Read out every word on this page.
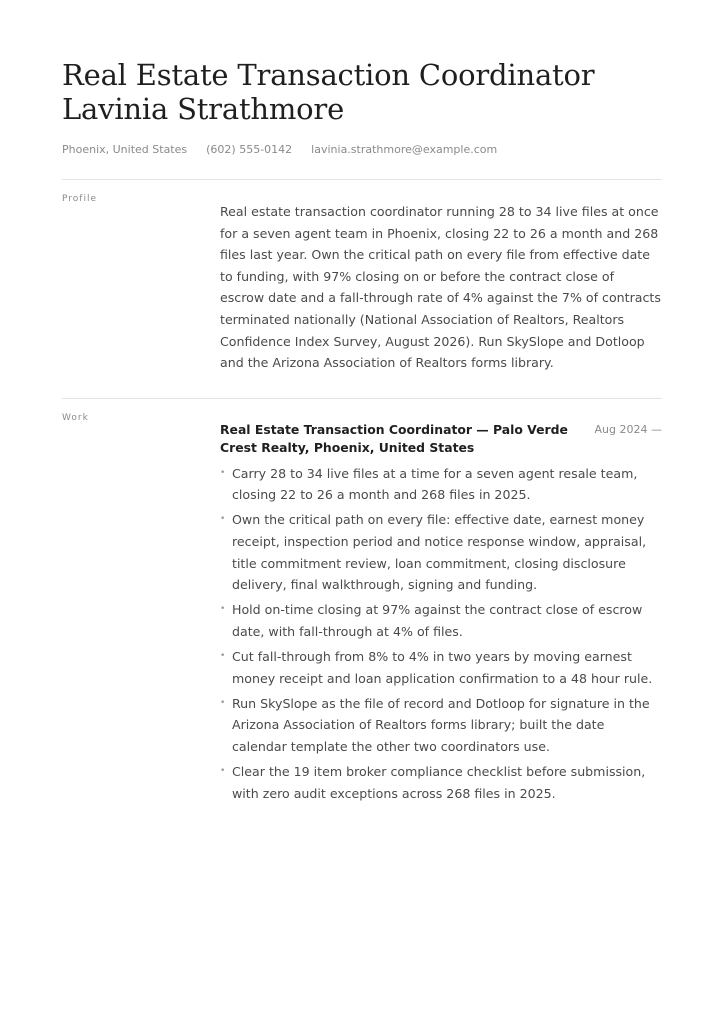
Real Estate Transaction Coordinator
Lavinia Strathmore
Phoenix, United States (602) 555-0142 lavinia.strathmore@example.com
Profile
Real estate transaction coordinator running 28 to 34 live files at once for a seven agent team in Phoenix, closing 22 to 26 a month and 268 files last year. Own the critical path on every file from effective date to funding, with 97% closing on or before the contract close of escrow date and a fall-through rate of 4% against the 7% of contracts terminated nationally (National Association of Realtors, Realtors Confidence Index Survey, August 2026). Run SkySlope and Dotloop and the Arizona Association of Realtors forms library.
Work
Real Estate Transaction Coordinator — Palo Verde Crest Realty, Phoenix, United States
Aug 2024 —
• Carry 28 to 34 live files at a time for a seven agent resale team, closing 22 to 26 a month and 268 files in 2025.
• Own the critical path on every file: effective date, earnest money receipt, inspection period and notice response window, appraisal, title commitment review, loan commitment, closing disclosure delivery, final walkthrough, signing and funding.
• Hold on-time closing at 97% against the contract close of escrow date, with fall-through at 4% of files.
• Cut fall-through from 8% to 4% in two years by moving earnest money receipt and loan application confirmation to a 48 hour rule.
• Run SkySlope as the file of record and Dotloop for signature in the Arizona Association of Realtors forms library; built the date calendar template the other two coordinators use.
• Clear the 19 item broker compliance checklist before submission, with zero audit exceptions across 268 files in 2025.
